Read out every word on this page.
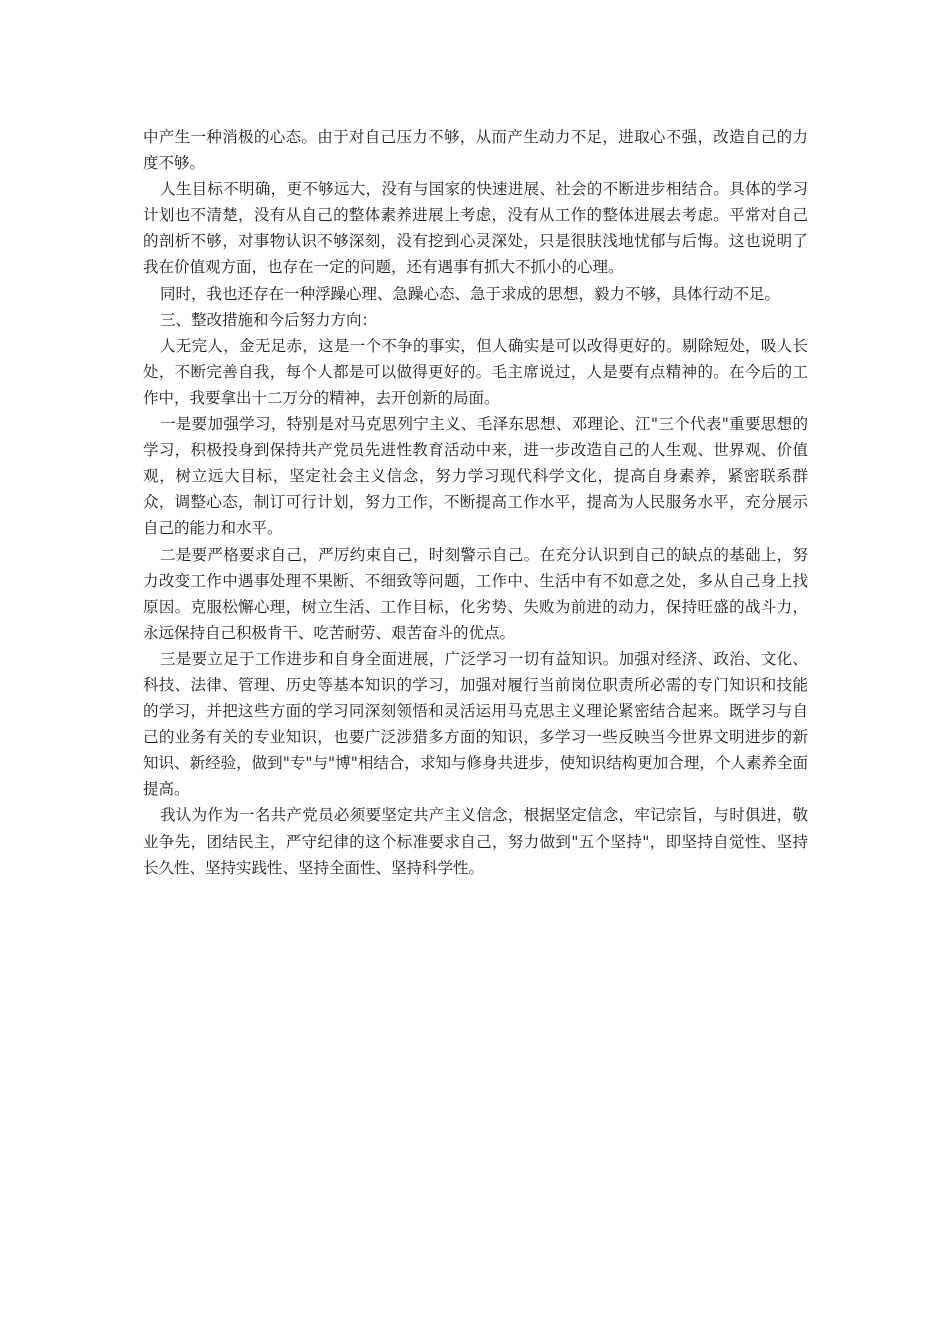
中产生一种消极的心态。由于对自己压力不够，从而产生动力不足，进取心不强，改造自己的力度不够。

人生目标不明确，更不够远大，没有与国家的快速进展、社会的不断进步相结合。具体的学习计划也不清楚，没有从自己的整体素养进展上考虑，没有从工作的整体进展去考虑。平常对自己的剖析不够，对事物认识不够深刻，没有挖到心灵深处，只是很肤浅地忧郁与后悔。这也说明了我在价值观方面，也存在一定的问题，还有遇事有抓大不抓小的心理。

同时，我也还存在一种浮躁心理、急躁心态、急于求成的思想，毅力不够，具体行动不足。

三、整改措施和今后努力方向：

人无完人，金无足赤，这是一个不争的事实，但人确实是可以改得更好的。剔除短处，吸人长处，不断完善自我，每个人都是可以做得更好的。毛主席说过，人是要有点精神的。在今后的工作中，我要拿出十二万分的精神，去开创新的局面。

一是要加强学习，特别是对马克思列宁主义、毛泽东思想、邓理论、江"三个代表"重要思想的学习，积极投身到保持共产党员先进性教育活动中来，进一步改造自己的人生观、世界观、价值观，树立远大目标，坚定社会主义信念，努力学习现代科学文化，提高自身素养，紧密联系群众，调整心态，制订可行计划，努力工作，不断提高工作水平，提高为人民服务水平，充分展示自己的能力和水平。

二是要严格要求自己，严厉约束自己，时刻警示自己。在充分认识到自己的缺点的基础上，努力改变工作中遇事处理不果断、不细致等问题，工作中、生活中有不如意之处，多从自己身上找原因。克服松懈心理，树立生活、工作目标，化劣势、失败为前进的动力，保持旺盛的战斗力，永远保持自己积极肯干、吃苦耐劳、艰苦奋斗的优点。

三是要立足于工作进步和自身全面进展，广泛学习一切有益知识。加强对经济、政治、文化、科技、法律、管理、历史等基本知识的学习，加强对履行当前岗位职责所必需的专门知识和技能的学习，并把这些方面的学习同深刻领悟和灵活运用马克思主义理论紧密结合起来。既学习与自己的业务有关的专业知识，也要广泛涉猎多方面的知识，多学习一些反映当今世界文明进步的新知识、新经验，做到"专"与"博"相结合，求知与修身共进步，使知识结构更加合理，个人素养全面提高。

我认为作为一名共产党员必须要坚定共产主义信念，根据坚定信念，牢记宗旨，与时俱进，敬业争先，团结民主，严守纪律的这个标准要求自己，努力做到"五个坚持"，即坚持自觉性、坚持长久性、坚持实践性、坚持全面性、坚持科学性。
